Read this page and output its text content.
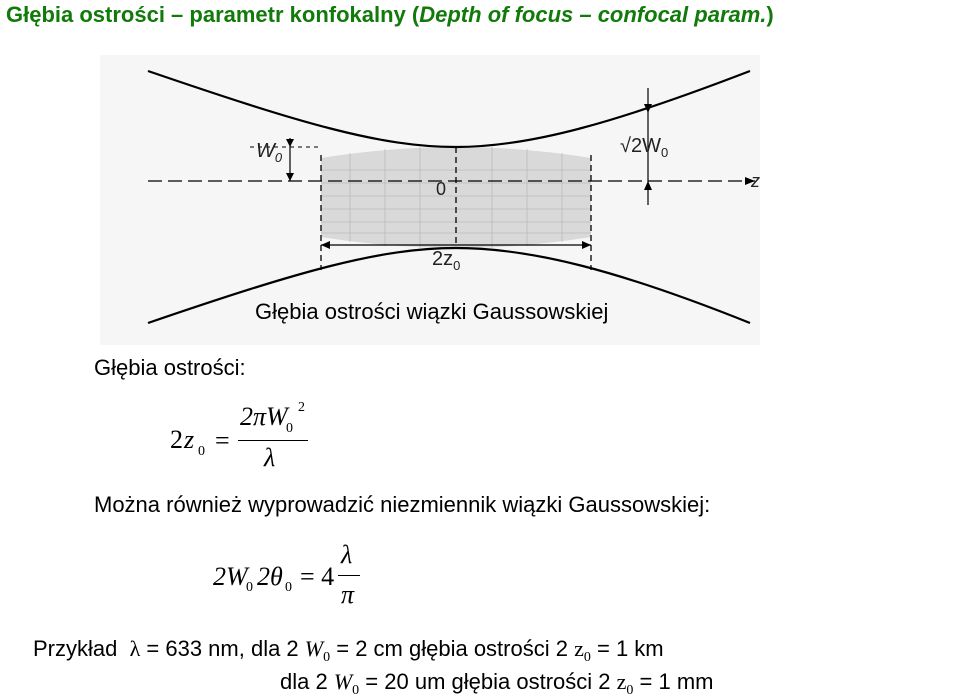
Głębia ostrości – parametr konfokalny (Depth of focus – confocal param.)
$W_0$
$√2W_0$
0	z
$2z_0$
Głębia ostrości wiązki Gaussowskiej
Głębia ostrości:
2 z 0 =
2πW
0
2
λ
Można również wyprowadzić niezmiennik wiązki Gaussowskiej:
2W
0 2θ 0 = 4
λ
π
Przykład λ = 633 nm, dla 2 $W_0 = 2$ cm głębia ostrości 2 $z_0 = 1$ km
dla 2 $W_0 = 20$ um głębia ostrości 2 $z_0 = 1$ mm
